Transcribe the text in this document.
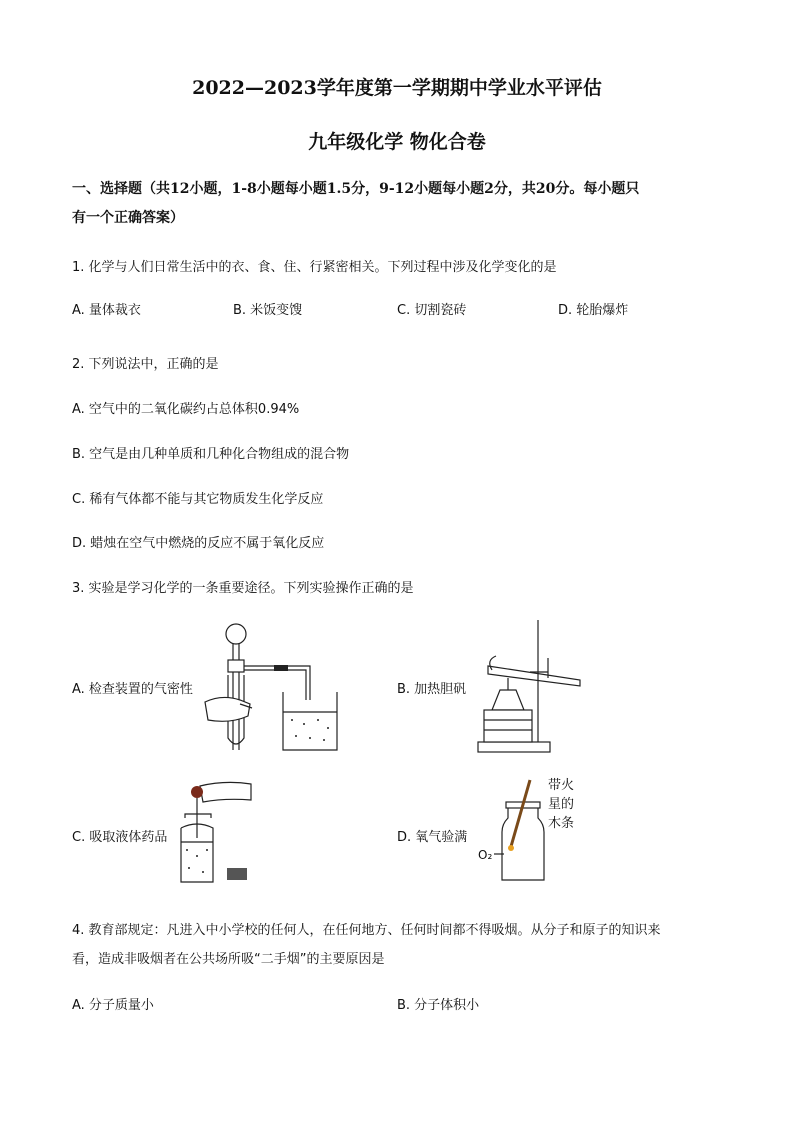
2022—2023学年度第一学期期中学业水平评估
九年级化学 物化合卷
一、选择题（共12小题，1-8小题每小题1.5分，9-12小题每小题2分，共20分。每小题只
有一个正确答案）
1. 化学与人们日常生活中的衣、食、住、行紧密相关。下列过程中涉及化学变化的是
A. 量体裁衣	B. 米饭变馊	C. 切割瓷砖	D. 轮胎爆炸
2. 下列说法中，正确的是
A. 空气中的二氧化碳约占总体积0.94%
B. 空气是由几种单质和几种化合物组成的混合物
C. 稀有气体都不能与其它物质发生化学反应
D. 蜡烛在空气中燃烧的反应不属于氧化反应
3. 实验是学习化学的一条重要途径。下列实验操作正确的是
A. 检查装置的气密性	B. 加热胆矾
C. 吸取液体药品	D. 氧气验满
带火
星的
木条
O₂
4. 教育部规定：凡进入中小学校的任何人，在任何地方、任何时间都不得吸烟。从分子和原子的知识来
看，造成非吸烟者在公共场所吸“二手烟”的主要原因是
A. 分子质量小	B. 分子体积小
